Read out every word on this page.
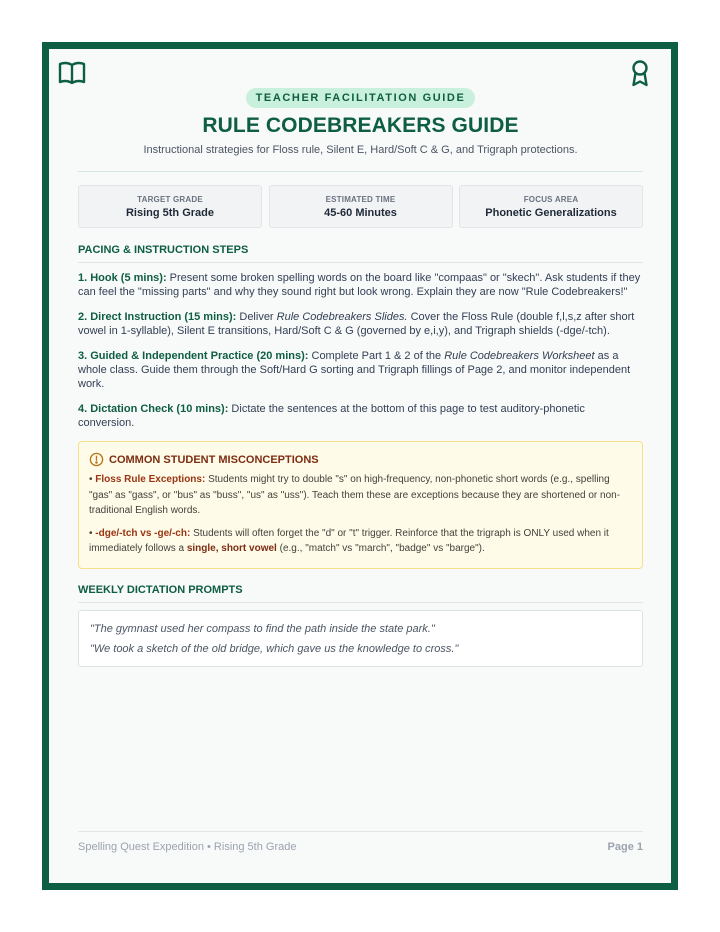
TEACHER FACILITATION GUIDE
RULE CODEBREAKERS GUIDE
Instructional strategies for Floss rule, Silent E, Hard/Soft C & G, and Trigraph protections.
TARGET GRADE
Rising 5th Grade
ESTIMATED TIME
45-60 Minutes
FOCUS AREA
Phonetic Generalizations
PACING & INSTRUCTION STEPS

1. Hook (5 mins): Present some broken spelling words on the board like "compaas" or "skech". Ask students if they can feel the "missing parts" and why they sound right but look wrong. Explain they are now "Rule Codebreakers!"

2. Direct Instruction (15 mins): Deliver Rule Codebreakers Slides. Cover the Floss Rule (double f,l,s,z after short vowel in 1-syllable), Silent E transitions, Hard/Soft C & G (governed by e,i,y), and Trigraph shields (-dge/-tch).

3. Guided & Independent Practice (20 mins): Complete Part 1 & 2 of the Rule Codebreakers Worksheet as a whole class. Guide them through the Soft/Hard G sorting and Trigraph fillings of Page 2, and monitor independent work.

4. Dictation Check (10 mins): Dictate the sentences at the bottom of this page to test auditory-phonetic conversion.

COMMON STUDENT MISCONCEPTIONS

• Floss Rule Exceptions: Students might try to double "s" on high-frequency, non-phonetic short words (e.g., spelling "gas" as "gass", or "bus" as "buss", "us" as "uss"). Teach them these are exceptions because they are shortened or non-traditional English words.

• -dge/-tch vs -ge/-ch: Students will often forget the "d" or "t" trigger. Reinforce that the trigraph is ONLY used when it immediately follows a single, short vowel (e.g., "match" vs "march", "badge" vs "barge").

WEEKLY DICTATION PROMPTS

"The gymnast used her compass to find the path inside the state park."

"We took a sketch of the old bridge, which gave us the knowledge to cross."

Spelling Quest Expedition • Rising 5th Grade	Page 1
